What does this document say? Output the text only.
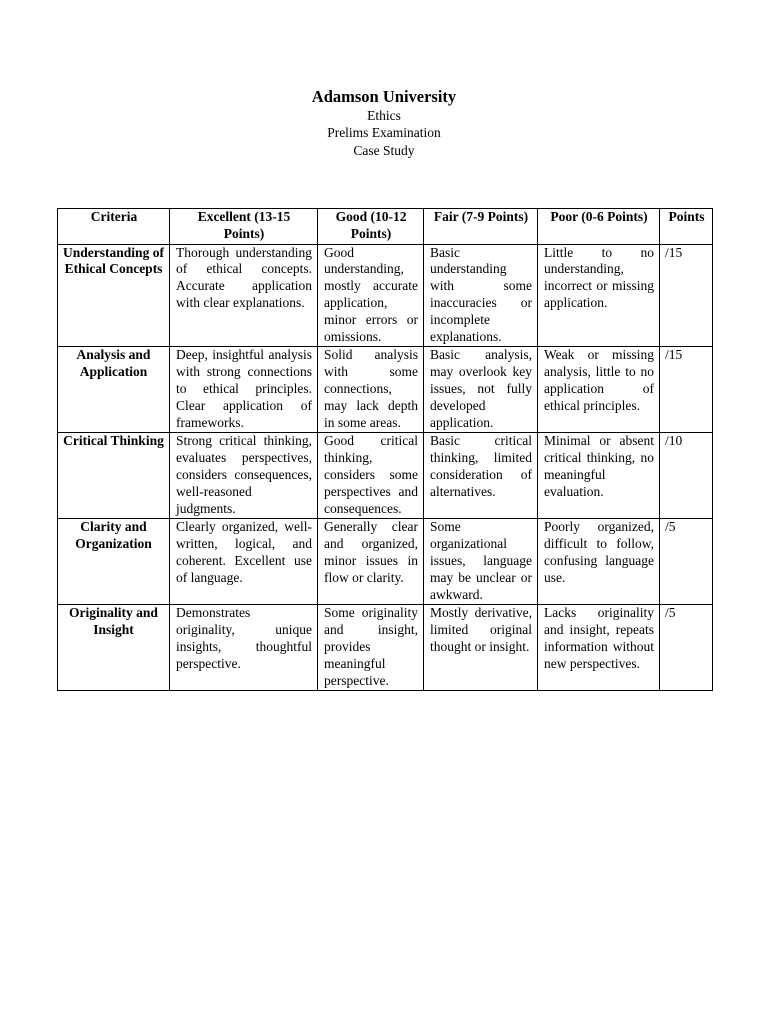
Adamson University
Ethics
Prelims Examination
Case Study
Criteria	Excellent (13-15 Points)	Good (10-12 Points)	Fair (7-9 Points)	Poor (0-6 Points)	Points
Understanding of Ethical Concepts	Thorough understanding of ethical concepts. Accurate application with clear explanations.	Good understanding, mostly accurate application, minor errors or omissions.	Basic understanding with some inaccuracies or incomplete explanations.	Little to no understanding, incorrect or missing application.	/15
Analysis and Application	Deep, insightful analysis with strong connections to ethical principles. Clear application of frameworks.	Solid analysis with some connections, may lack depth in some areas.	Basic analysis, may overlook key issues, not fully developed application.	Weak or missing analysis, little to no application of ethical principles.	/15
Critical Thinking	Strong critical thinking, evaluates perspectives, considers consequences, well-reasoned judgments.	Good critical thinking, considers some perspectives and consequences.	Basic critical thinking, limited consideration of alternatives.	Minimal or absent critical thinking, no meaningful evaluation.	/10
Clarity and Organization	Clearly organized, well-written, logical, and coherent. Excellent use of language.	Generally clear and organized, minor issues in flow or clarity.	Some organizational issues, language may be unclear or awkward.	Poorly organized, difficult to follow, confusing language use.	/5
Originality and Insight	Demonstrates originality, unique insights, thoughtful perspective.	Some originality and insight, provides meaningful perspective.	Mostly derivative, limited original thought or insight.	Lacks originality and insight, repeats information without new perspectives.	/5
